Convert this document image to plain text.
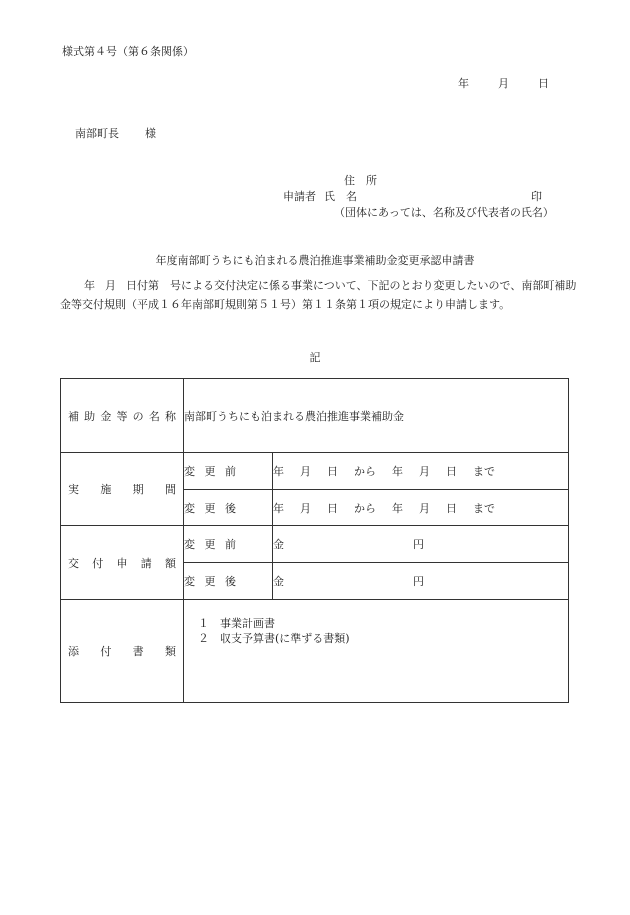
様式第４号（第６条関係）
年	月	日
南部町長 様
住　所
申請者 氏　名	印
（団体にあっては、名称及び代表者の氏名）
年度南部町うちにも泊まれる農泊推進事業補助金変更承認申請書
年 月 日付第　号による交付決定に係る事業について、下記のとおり変更したいので、南部町補助金等交付規則（平成１６年南部町規則第５１号）第１１条第１項の規定により申請します。
記
補助金等の名称	南部町うちにも泊まれる農泊推進事業補助金	
実施期間	変更前	年 月 日 から 年 月 日 まで
	変更後	年 月 日 から 年 月 日 まで
交付申請額	変更前	金 円

	変更後	金 円

添付書類	１ 事業計画書
２ 収支予算書(に準ずる書類)	
